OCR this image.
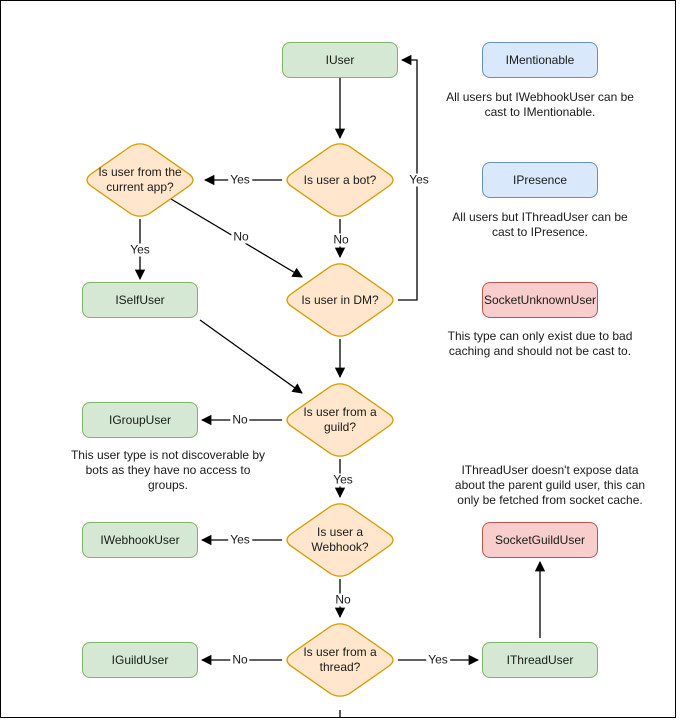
Is user a bot?
Is user from the
current app?
Is user in DM?
Is user from a
guild?
Is user a
Webhook?
Is user from a
thread?
IUser	IMentionable
IPresence
ISelfUser	SocketUnknownUser
IGroupUser
IWebhookUser	SocketGuildUser
IGuildUser	IThreadUser
Yes
No
Yes
No
Yes
No
Yes
Yes
No
No	Yes
All users but IWebhookUser can be
cast to IMentionable.
All users but IThreadUser can be
cast to IPresence.
This type can only exist due to bad
caching and should not be cast to.
This user type is not discoverable by
bots as they have no access to
groups.
IThreadUser doesn't expose data
about the parent guild user, this can
only be fetched from socket cache.
